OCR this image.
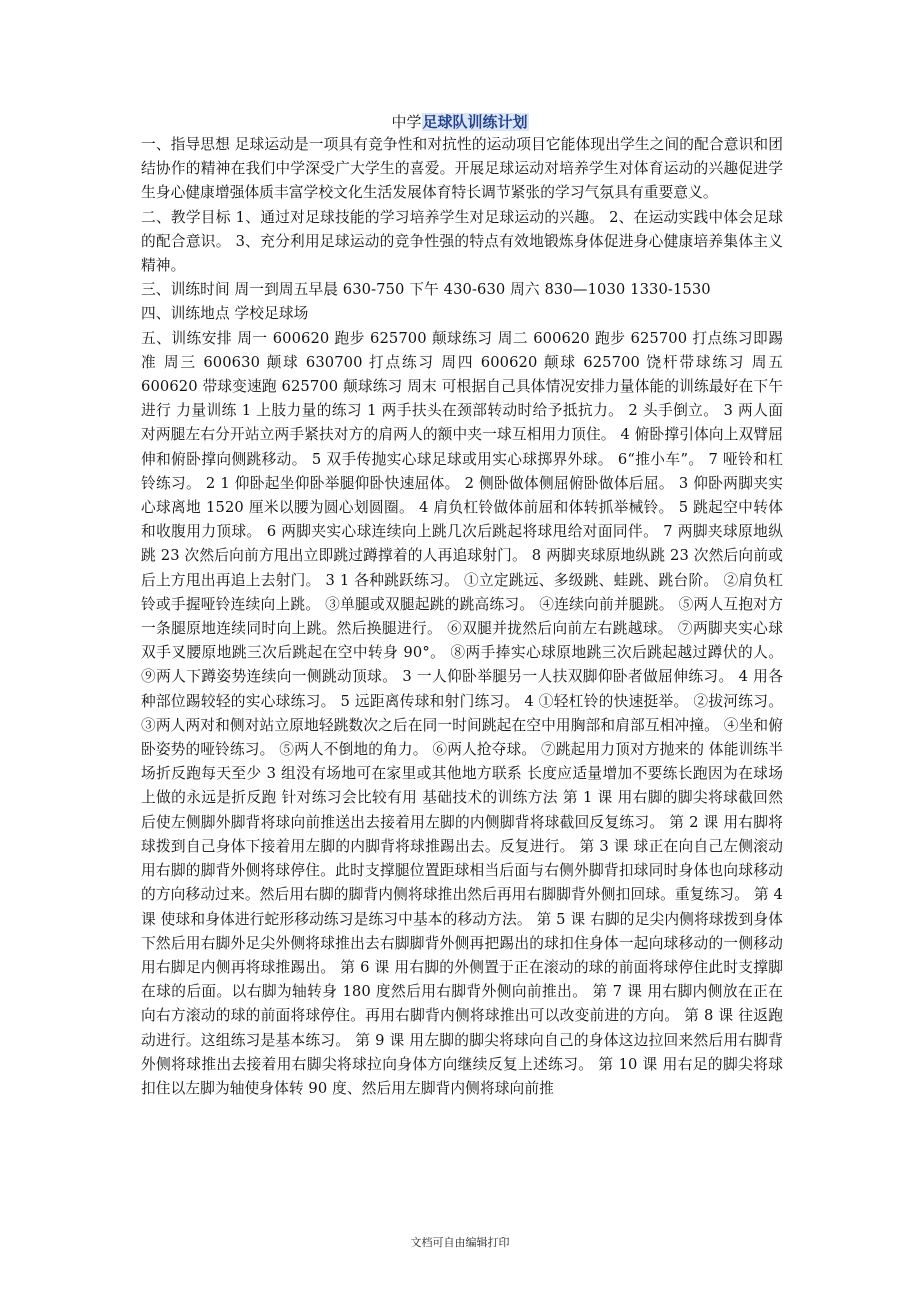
中学足球队训练计划

一、指导思想 足球运动是一项具有竞争性和对抗性的运动项目它能体现出学生之间的配合意识和团结协作的精神在我们中学深受广大学生的喜爱。开展足球运动对培养学生对体育运动的兴趣促进学生身心健康增强体质丰富学校文化生活发展体育特长调节紧张的学习气氛具有重要意义。

二、教学目标 1、通过对足球技能的学习培养学生对足球运动的兴趣。 2、在运动实践中体会足球的配合意识。 3、充分利用足球运动的竞争性强的特点有效地锻炼身体促进身心健康培养集体主义精神。

三、训练时间 周一到周五早晨 630-750 下午 430-630 周六 830—1030 1330-1530

四、训练地点 学校足球场

五、训练安排 周一 600620 跑步 625700 颠球练习 周二 600620 跑步 625700 打点练习即踢准 周三 600630 颠球 630700 打点练习 周四 600620 颠球 625700 饶杆带球练习 周五 600620 带球变速跑 625700 颠球练习 周末 可根据自己具体情况安排力量体能的训练最好在下午进行 力量训练 1 上肢力量的练习 1 两手扶头在颈部转动时给予抵抗力。 2 头手倒立。 3 两人面对两腿左右分开站立两手紧扶对方的肩两人的额中夹一球互相用力顶住。 4 俯卧撑引体向上双臂屈伸和俯卧撑向侧跳移动。 5 双手传抛实心球足球或用实心球掷界外球。 6“推小车”。 7 哑铃和杠铃练习。 2 1 仰卧起坐仰卧举腿仰卧快速屈体。 2 侧卧做体侧屈俯卧做体后屈。 3 仰卧两脚夹实心球离地 1520 厘米以腰为圆心划圆圈。 4 肩负杠铃做体前屈和体转抓举械铃。 5 跳起空中转体和收腹用力顶球。 6 两脚夹实心球连续向上跳几次后跳起将球甩给对面同伴。 7 两脚夹球原地纵跳 23 次然后向前方甩出立即跳过蹲撑着的人再追球射门。 8 两脚夹球原地纵跳 23 次然后向前或后上方甩出再追上去射门。 3 1 各种跳跃练习。 ①立定跳远、多级跳、蛙跳、跳台阶。 ②肩负杠铃或手握哑铃连续向上跳。 ③单腿或双腿起跳的跳高练习。 ④连续向前并腿跳。 ⑤两人互抱对方一条腿原地连续同时向上跳。然后换腿进行。 ⑥双腿并拢然后向前左右跳越球。 ⑦两脚夹实心球双手叉腰原地跳三次后跳起在空中转身 90°。 ⑧两手捧实心球原地跳三次后跳起越过蹲伏的人。 ⑨两人下蹲姿势连续向一侧跳动顶球。 3 一人仰卧举腿另一人扶双脚仰卧者做屈伸练习。 4 用各种部位踢较轻的实心球练习。 5 远距离传球和射门练习。 4 ①轻杠铃的快速挺举。 ②拔河练习。 ③两人两对和侧对站立原地轻跳数次之后在同一时间跳起在空中用胸部和肩部互相冲撞。 ④坐和俯卧姿势的哑铃练习。 ⑤两人不倒地的角力。 ⑥两人抢夺球。 ⑦跳起用力顶对方抛来的 体能训练半场折反跑每天至少 3 组没有场地可在家里或其他地方联系 长度应适量增加不要练长跑因为在球场上做的永远是折反跑 针对练习会比较有用 基础技术的训练方法 第 1 课 用右脚的脚尖将球截回然后使左侧脚外脚背将球向前推送出去接着用左脚的内侧脚背将球截回反复练习。 第 2 课 用右脚将球拨到自己身体下接着用左脚的内脚背将球推踢出去。反复进行。 第 3 课 球正在向自己左侧滚动用右脚的脚背外侧将球停住。此时支撑腿位置距球相当后面与右侧外脚背扣球同时身体也向球移动的方向移动过来。然后用右脚的脚背内侧将球推出然后再用右脚脚背外侧扣回球。重复练习。 第 4 课 使球和身体进行蛇形移动练习是练习中基本的移动方法。 第 5 课 右脚的足尖内侧将球拨到身体下然后用右脚外足尖外侧将球推出去右脚脚背外侧再把踢出的球扣住身体一起向球移动的一侧移动用右脚足内侧再将球推踢出。 第 6 课 用右脚的外侧置于正在滚动的球的前面将球停住此时支撑脚在球的后面。以右脚为轴转身 180 度然后用右脚背外侧向前推出。 第 7 课 用右脚内侧放在正在向右方滚动的球的前面将球停住。再用右脚背内侧将球推出可以改变前进的方向。 第 8 课 往返跑动进行。这组练习是基本练习。 第 9 课 用左脚的脚尖将球向自己的身体这边拉回来然后用右脚背外侧将球推出去接着用右脚尖将球拉向身体方向继续反复上述练习。 第 10 课 用右足的脚尖将球扣住以左脚为轴使身体转 90 度、然后用左脚背内侧将球向前推

文档可自由编辑打印
